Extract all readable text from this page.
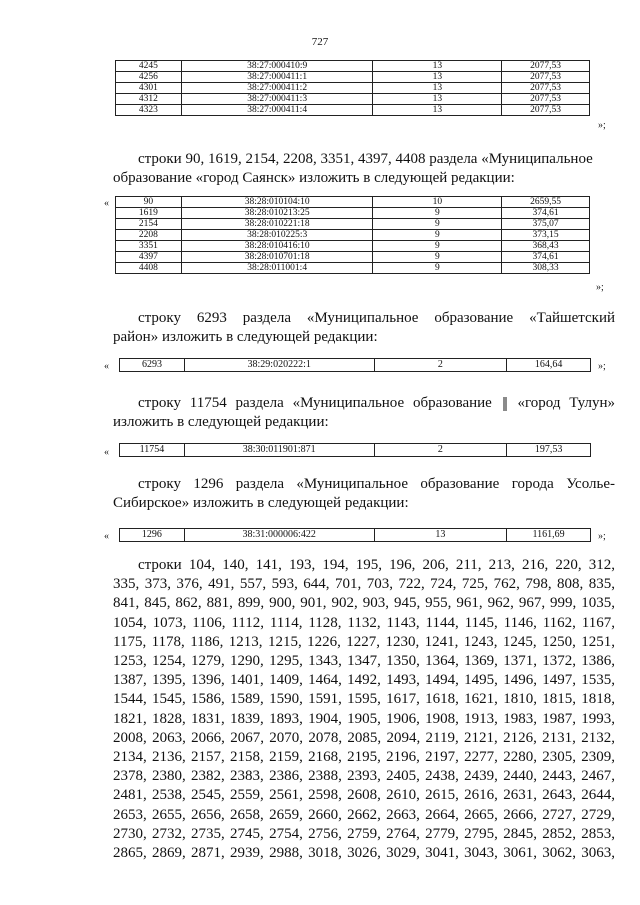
727
4245	38:27:000410:9	13	2077,53
4256	38:27:000411:1	13	2077,53
4301	38:27:000411:2	13	2077,53
4312	38:27:000411:3	13	2077,53
4323	38:27:000411:4	13	2077,53
»;
строки 90, 1619, 2154, 2208, 3351, 4397, 4408 раздела «Муниципальное
образование «город Саянск» изложить в следующей редакции:
«	90	38:28:010104:10	10	2659,55
1619	38:28:010213:25	9	374,61
2154	38:28:010221:18	9	375,07
2208	38:28:010225:3	9	373,15
3351	38:28:010416:10	9	368,43
4397	38:28:010701:18	9	374,61
4408	38:28:011001:4	9	308,33
»;
строку 6293 раздела «Муниципальное образование «Тайшетский
район» изложить в следующей редакции:
«	6293	38:29:020222:1	2	164,64	»;
строку 11754 раздела «Муниципальное образование «город Тулун»
изложить в следующей редакции:
«	11754	38:30:011901:871	2	197,53
строку 1296 раздела «Муниципальное образование города Усолье-
Сибирское» изложить в следующей редакции:
«	1296	38:31:000006:422	13	1161,69	»;
строки 104, 140, 141, 193, 194, 195, 196, 206, 211, 213, 216, 220, 312,
335, 373, 376, 491, 557, 593, 644, 701, 703, 722, 724, 725, 762, 798, 808, 835,
841, 845, 862, 881, 899, 900, 901, 902, 903, 945, 955, 961, 962, 967, 999, 1035,
1054, 1073, 1106, 1112, 1114, 1128, 1132, 1143, 1144, 1145, 1146, 1162, 1167,
1175, 1178, 1186, 1213, 1215, 1226, 1227, 1230, 1241, 1243, 1245, 1250, 1251,
1253, 1254, 1279, 1290, 1295, 1343, 1347, 1350, 1364, 1369, 1371, 1372, 1386,
1387, 1395, 1396, 1401, 1409, 1464, 1492, 1493, 1494, 1495, 1496, 1497, 1535,
1544, 1545, 1586, 1589, 1590, 1591, 1595, 1617, 1618, 1621, 1810, 1815, 1818,
1821, 1828, 1831, 1839, 1893, 1904, 1905, 1906, 1908, 1913, 1983, 1987, 1993,
2008, 2063, 2066, 2067, 2070, 2078, 2085, 2094, 2119, 2121, 2126, 2131, 2132,
2134, 2136, 2157, 2158, 2159, 2168, 2195, 2196, 2197, 2277, 2280, 2305, 2309,
2378, 2380, 2382, 2383, 2386, 2388, 2393, 2405, 2438, 2439, 2440, 2443, 2467,
2481, 2538, 2545, 2559, 2561, 2598, 2608, 2610, 2615, 2616, 2631, 2643, 2644,
2653, 2655, 2656, 2658, 2659, 2660, 2662, 2663, 2664, 2665, 2666, 2727, 2729,
2730, 2732, 2735, 2745, 2754, 2756, 2759, 2764, 2779, 2795, 2845, 2852, 2853,
2865, 2869, 2871, 2939, 2988, 3018, 3026, 3029, 3041, 3043, 3061, 3062, 3063,
